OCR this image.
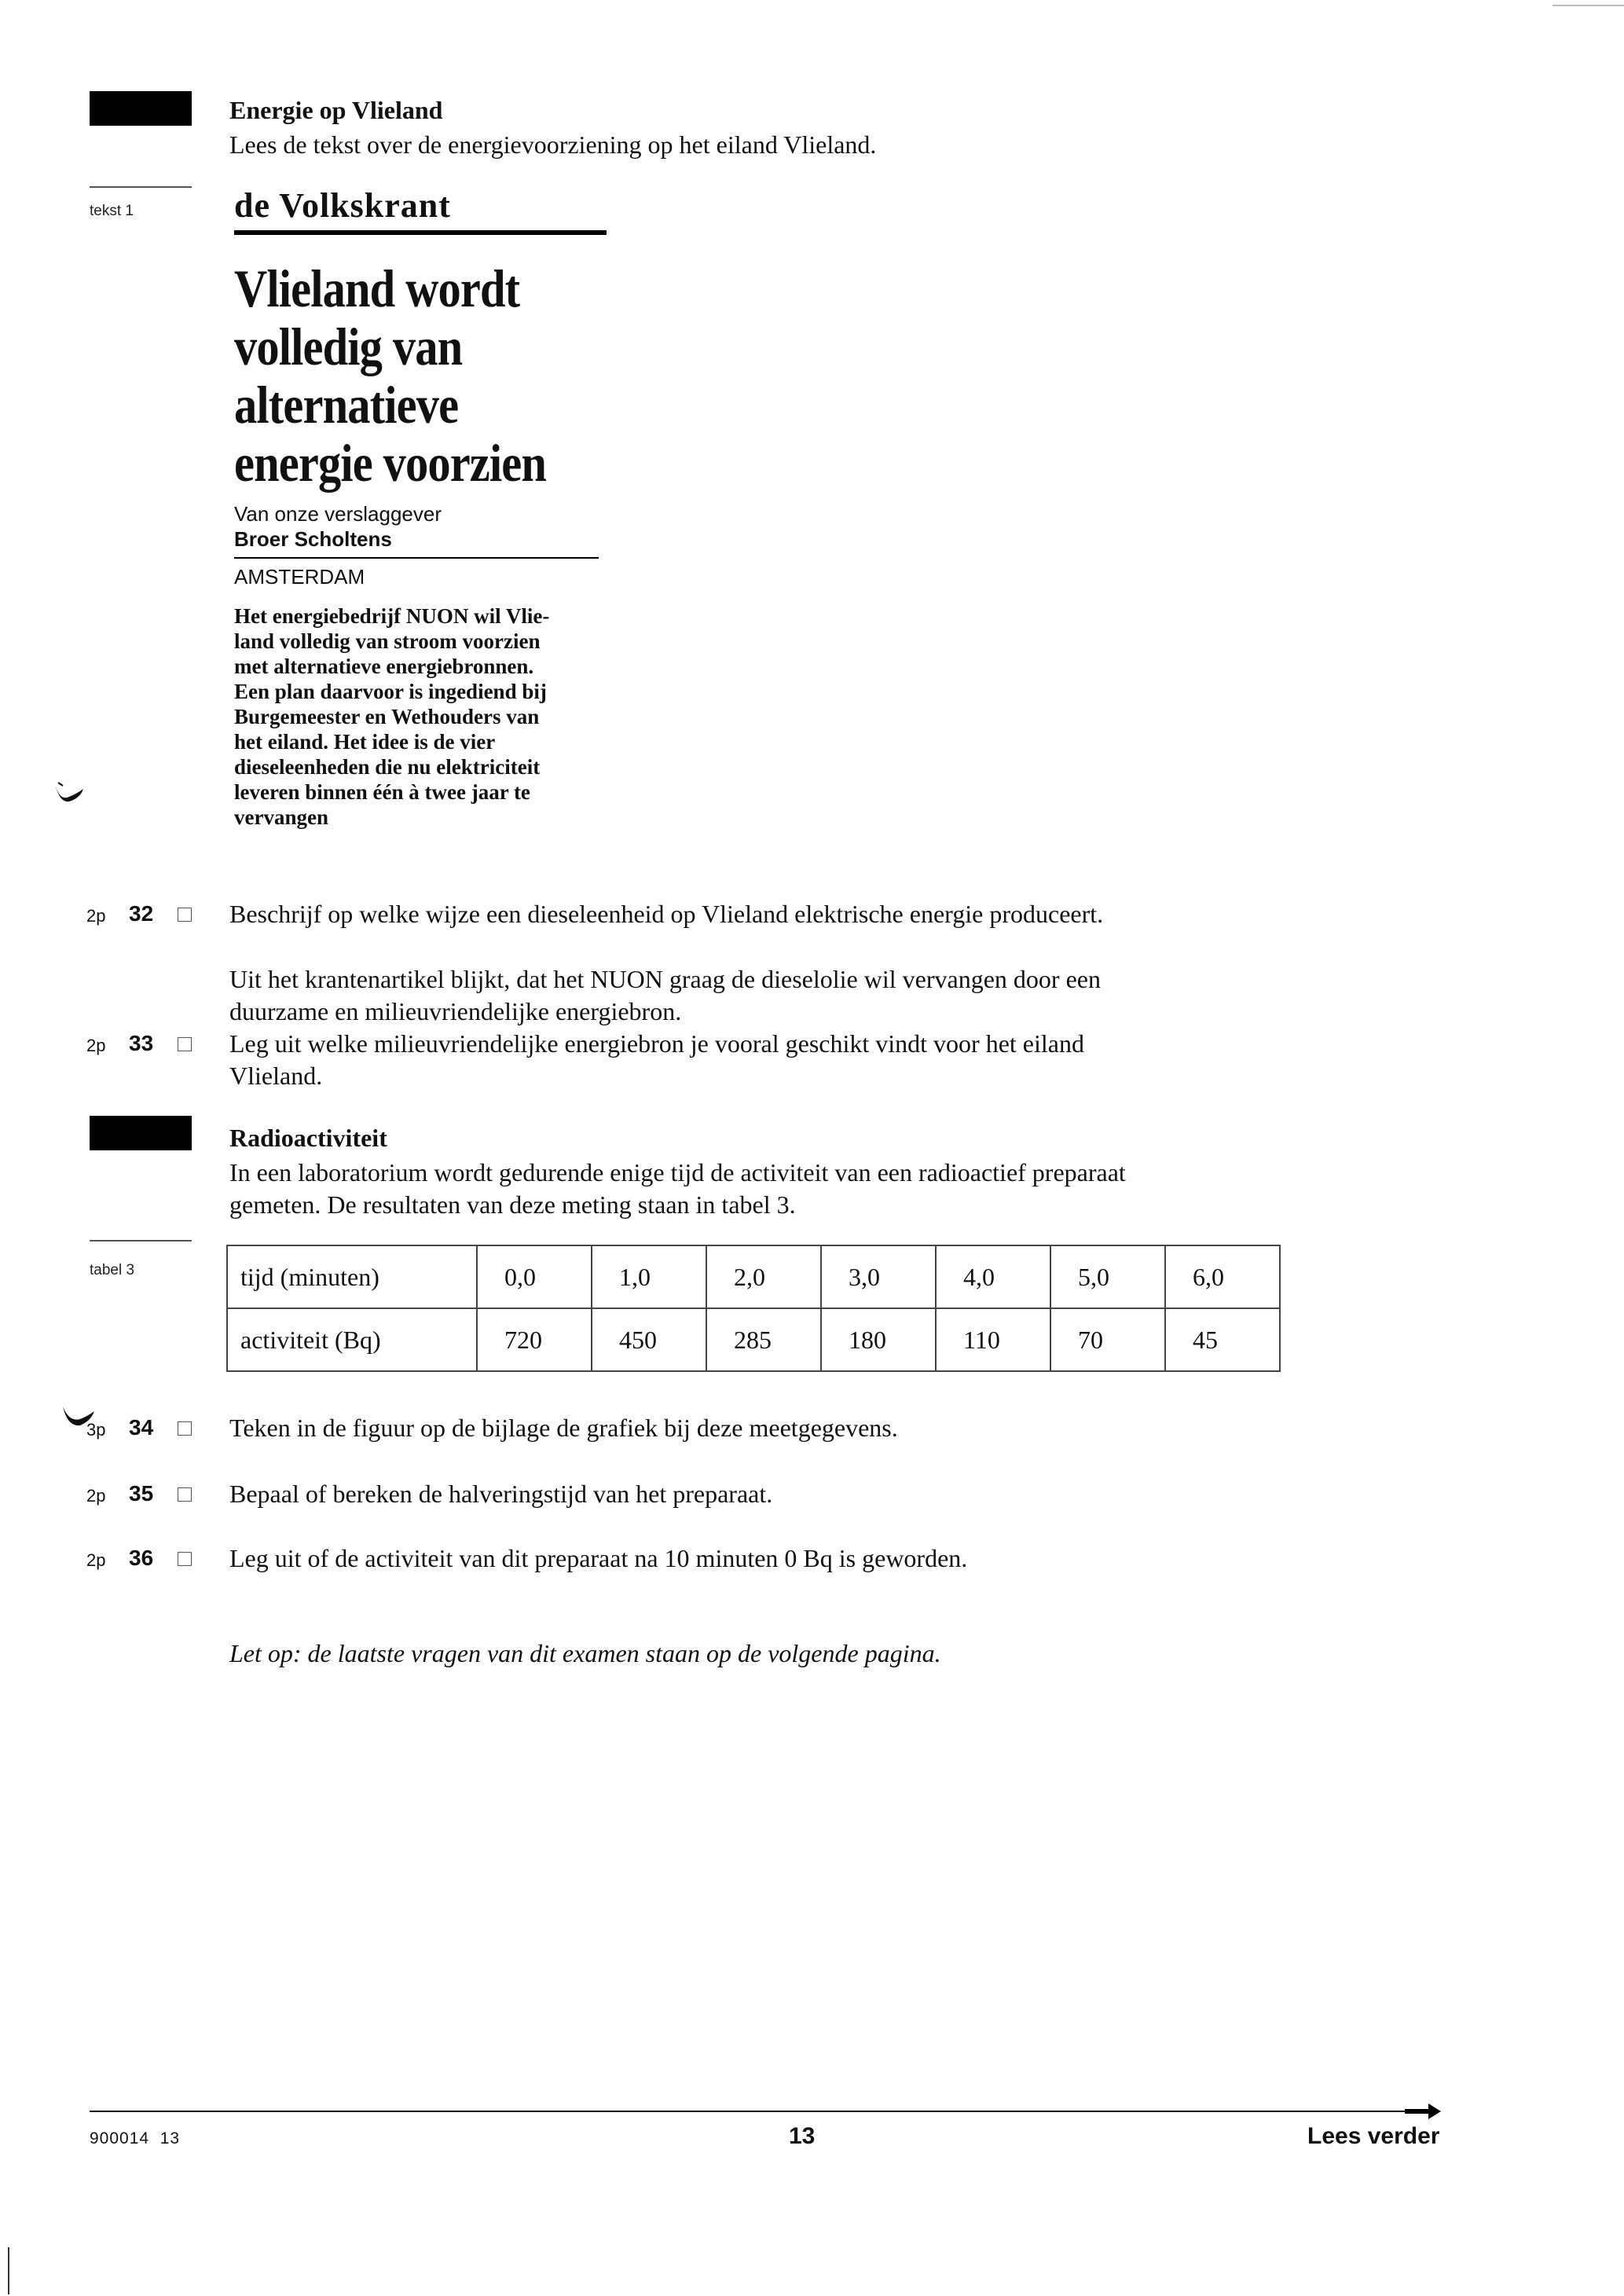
Energie op Vlieland
Lees de tekst over de energievoorziening op het eiland Vlieland.
tekst 1	de Volkskrant
Vlieland wordt
volledig van
alternatieve
energie voorzien
Van onze verslaggever
Broer Scholtens
AMSTERDAM
Het energiebedrijf NUON wil Vlie-
land volledig van stroom voorzien
met alternatieve energiebronnen.
Een plan daarvoor is ingediend bij
Burgemeester en Wethouders van
het eiland. Het idee is de vier
dieseleenheden die nu elektriciteit
leveren binnen één à twee jaar te
vervangen
2p 32	Beschrijf op welke wijze een dieseleenheid op Vlieland elektrische energie produceert.
Uit het krantenartikel blijkt, dat het NUON graag de dieselolie wil vervangen door een
duurzame en milieuvriendelijke energiebron.
2p 33	Leg uit welke milieuvriendelijke energiebron je vooral geschikt vindt voor het eiland
Vlieland.
Radioactiviteit
In een laboratorium wordt gedurende enige tijd de activiteit van een radioactief preparaat
gemeten. De resultaten van deze meting staan in tabel 3.
tabel 3	tijd (minuten)	0,0	1,0	2,0	3,0	4,0	5,0	6,0
activiteit (Bq)	720	450	285	180	110	70	45
3p 34	Teken in de figuur op de bijlage de grafiek bij deze meetgegevens.
2p 35	Bepaal of bereken de halveringstijd van het preparaat.
2p 36	Leg uit of de activiteit van dit preparaat na 10 minuten 0 Bq is geworden.
Let op: de laatste vragen van dit examen staan op de volgende pagina.
900014  13	13	Lees verder
